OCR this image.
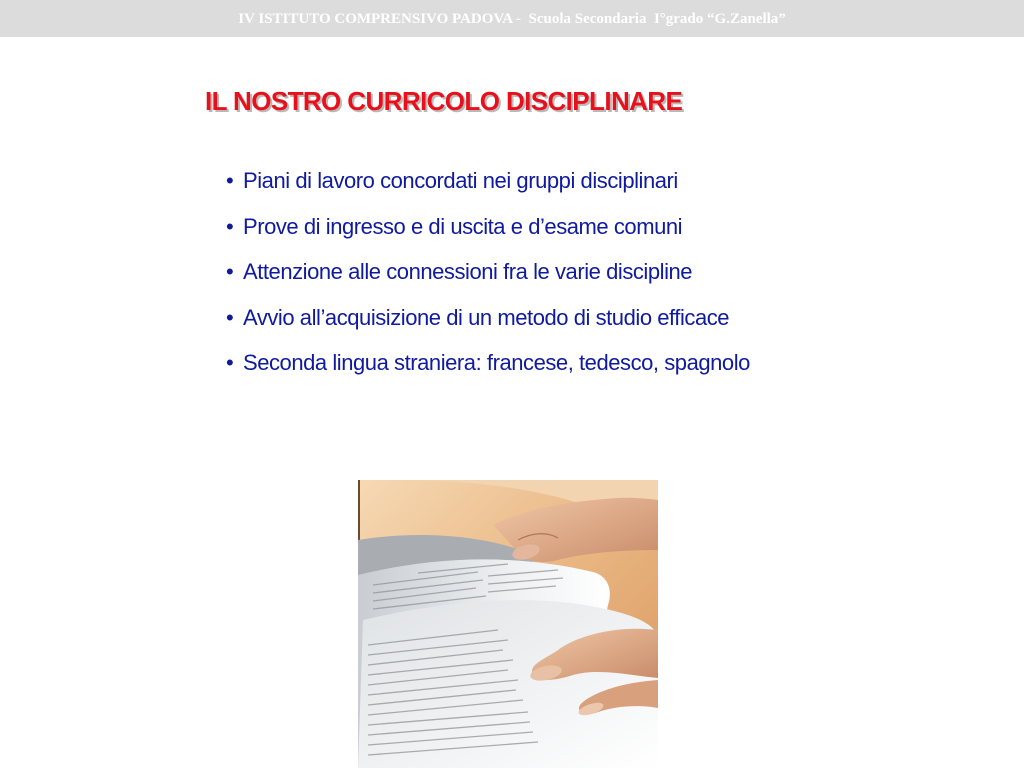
IV ISTITUTO COMPRENSIVO PADOVA -  Scuola Secondaria  I°grado “G.Zanella”
IL NOSTRO CURRICOLO DISCIPLINARE
• Piani di lavoro concordati nei gruppi disciplinari
• Prove di ingresso e di uscita e d’esame comuni
• Attenzione alle connessioni fra le varie discipline
• Avvio all’acquisizione di un metodo di studio efficace
• Seconda lingua straniera: francese, tedesco, spagnolo
